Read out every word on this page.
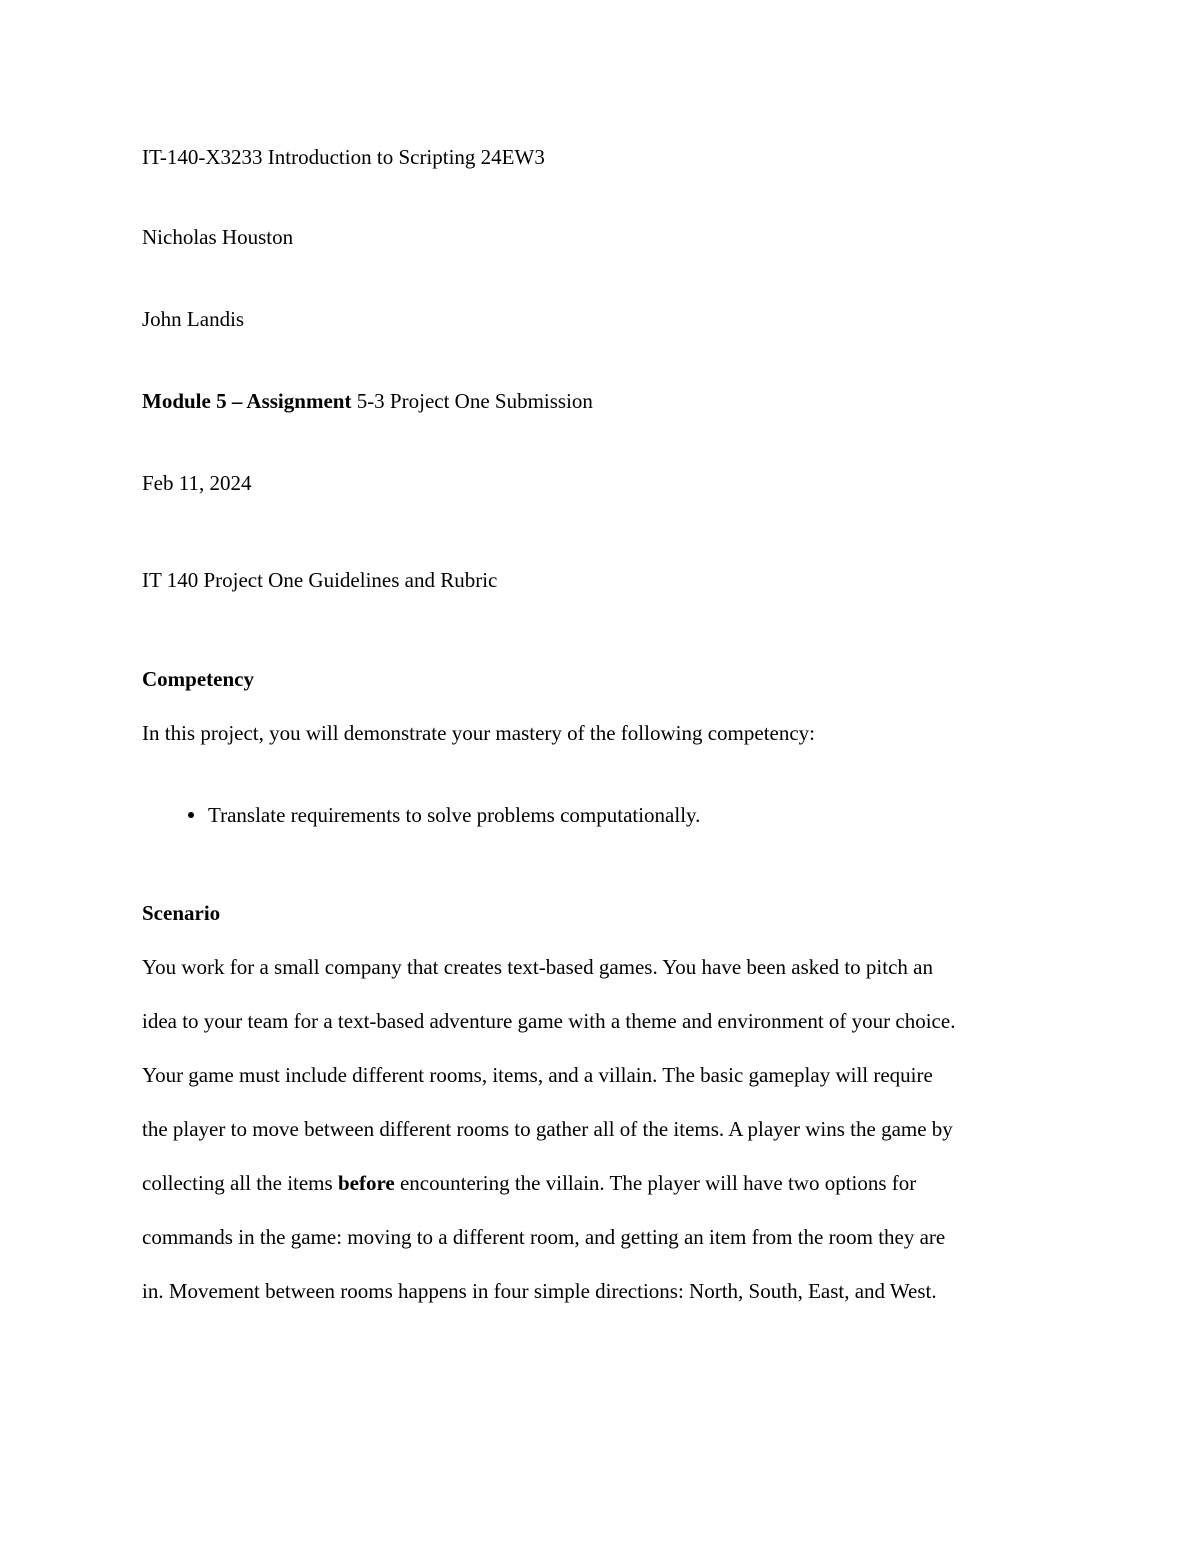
IT-140-X3233 Introduction to Scripting 24EW3
Nicholas Houston
John Landis
Module 5 – Assignment 5-3 Project One Submission
Feb 11, 2024
IT 140 Project One Guidelines and Rubric
Competency
In this project, you will demonstrate your mastery of the following competency:
Translate requirements to solve problems computationally.
Scenario
You work for a small company that creates text-based games. You have been asked to pitch an
idea to your team for a text-based adventure game with a theme and environment of your choice.
Your game must include different rooms, items, and a villain. The basic gameplay will require
the player to move between different rooms to gather all of the items. A player wins the game by
collecting all the items before encountering the villain. The player will have two options for
commands in the game: moving to a different room, and getting an item from the room they are
in. Movement between rooms happens in four simple directions: North, South, East, and West.
